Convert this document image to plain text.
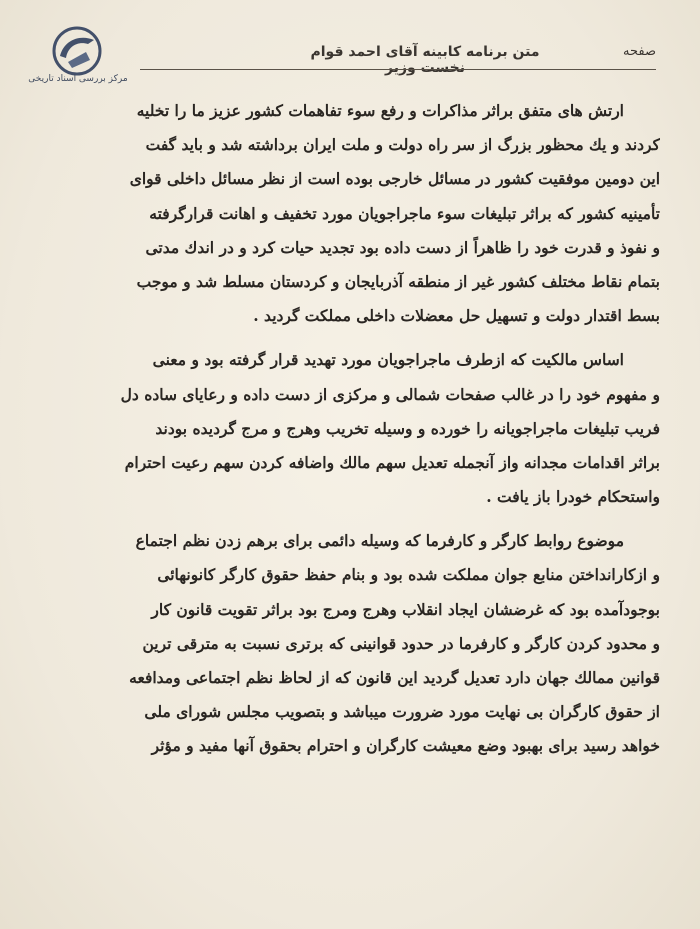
مرکز بررسی اسناد تاریخی
صفحه
متن برنامه کابینه آقای احمد قوام نخست وزیر
ارتش های متفق براثر مذاکرات و رفع سوء تفاهمات کشور عزیز ما را تخلیه
کردند و یك محظور بزرگ از سر راه دولت و ملت ایران برداشته شد و باید گفت
این دومین موفقیت کشور در مسائل خارجی بوده است از نظر مسائل داخلی قوای
تأمینیه کشور که براثر تبلیغات سوء ماجراجویان مورد تخفیف و اهانت قرارگرفته
و نفوذ و قدرت خود را ظاهراً از دست داده بود تجدید حیات کرد و در اندك مدتی
بتمام نقاط مختلف کشور غیر از منطقه آذربایجان و کردستان مسلط شد و موجب
بسط اقتدار دولت و تسهیل حل معضلات داخلی مملکت گردید .
اساس مالکیت که ازطرف ماجراجویان مورد تهدید قرار گرفته بود و معنی
و مفهوم خود را در غالب صفحات شمالی و مرکزی از دست داده و رعایای ساده دل
فریب تبلیغات ماجراجویانه را خورده و وسیله تخریب وهرج و مرج گردیده بودند
براثر اقدامات مجدانه واز آنجمله تعدیل سهم مالك واضافه کردن سهم رعیت احترام
واستحکام خودرا باز یافت .
موضوع روابط کارگر و کارفرما که وسیله دائمی برای برهم زدن نظم اجتماع
و ازکارانداختن منابع جوان مملکت شده بود و بنام حفظ حقوق کارگر کانونهائی
بوجودآمده بود که غرضشان ایجاد انقلاب وهرج ومرج بود براثر تقویت قانون کار
و محدود کردن کارگر و کارفرما در حدود قوانینی که برتری نسبت به مترقی ترین
قوانین ممالك جهان دارد تعدیل گردید این قانون که از لحاظ نظم اجتماعی ومدافعه
از حقوق کارگران بی نهایت مورد ضرورت میباشد و بتصویب مجلس شورای ملی
خواهد رسید برای بهبود وضع معیشت کارگران و احترام بحقوق آنها مفید و مؤثر
